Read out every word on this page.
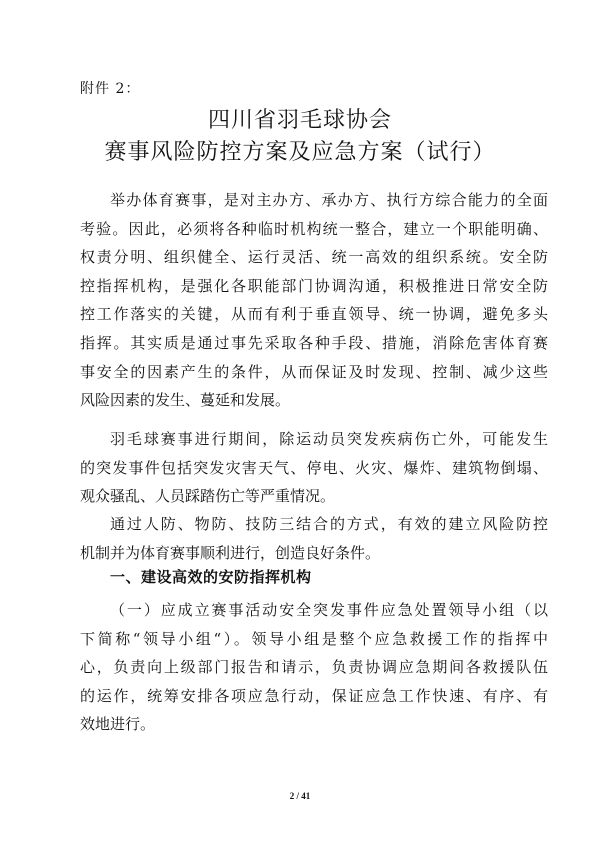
附件 2：
四川省羽毛球协会
赛事风险防控方案及应急方案（试行）
举办体育赛事，是对主办方、承办方、执行方综合能力的全面
考验。因此，必须将各种临时机构统一整合，建立一个职能明确、
权责分明、组织健全、运行灵活、统一高效的组织系统。安全防
控指挥机构，是强化各职能部门协调沟通，积极推进日常安全防
控工作落实的关键，从而有利于垂直领导、统一协调，避免多头
指挥。其实质是通过事先采取各种手段、措施，消除危害体育赛
事安全的因素产生的条件，从而保证及时发现、控制、减少这些
风险因素的发生、蔓延和发展。
羽毛球赛事进行期间，除运动员突发疾病伤亡外，可能发生
的突发事件包括突发灾害天气、停电、火灾、爆炸、建筑物倒塌、
观众骚乱、人员踩踏伤亡等严重情况。
通过人防、物防、技防三结合的方式，有效的建立风险防控
机制并为体育赛事顺利进行，创造良好条件。
一、建设高效的安防指挥机构
（一）应成立赛事活动安全突发事件应急处置领导小组（以
下简称“领导小组“）。领导小组是整个应急救援工作的指挥中
心，负责向上级部门报告和请示，负责协调应急期间各救援队伍
的运作，统筹安排各项应急行动，保证应急工作快速、有序、有
效地进行。
2 / 41
